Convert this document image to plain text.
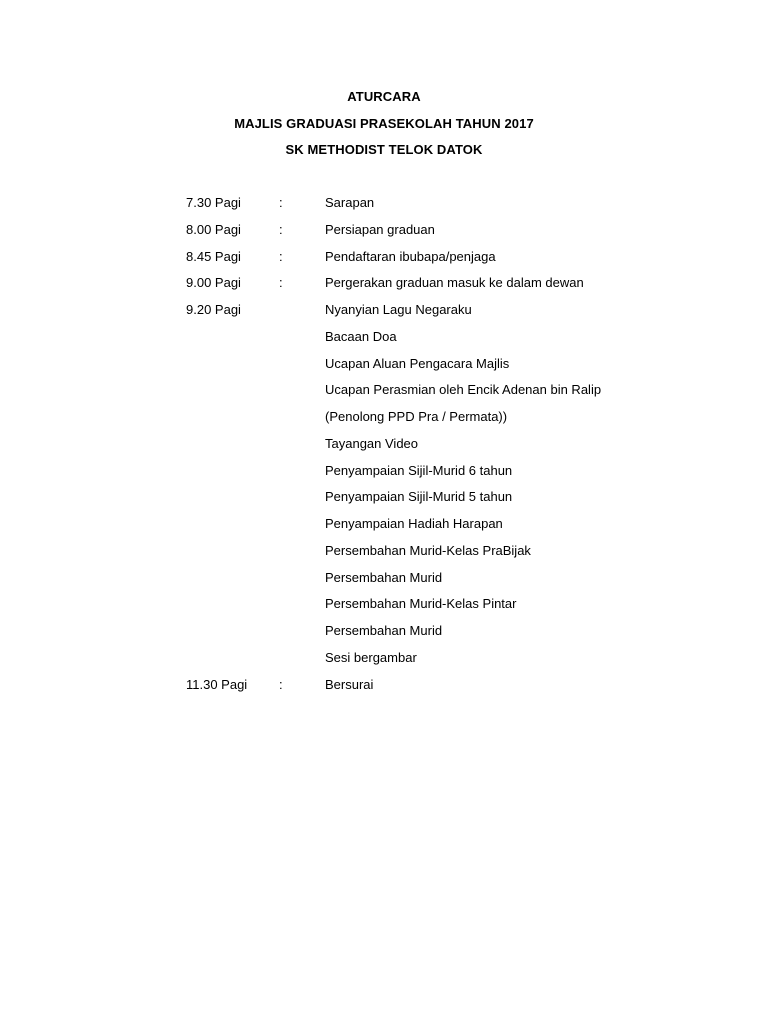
ATURCARA
MAJLIS GRADUASI PRASEKOLAH TAHUN 2017
SK METHODIST TELOK DATOK
7.30 Pagi	:	Sarapan
8.00 Pagi	:	Persiapan graduan
8.45 Pagi	:	Pendaftaran ibubapa/penjaga
9.00 Pagi	:	Pergerakan graduan masuk ke dalam dewan
9.20 Pagi	Nyanyian Lagu Negaraku
Bacaan Doa
Ucapan Aluan Pengacara Majlis
Ucapan Perasmian oleh Encik Adenan bin Ralip
(Penolong PPD Pra / Permata))
Tayangan Video
Penyampaian Sijil-Murid 6 tahun
Penyampaian Sijil-Murid 5 tahun
Penyampaian Hadiah Harapan
Persembahan Murid-Kelas PraBijak
Persembahan Murid
Persembahan Murid-Kelas Pintar
Persembahan Murid
Sesi bergambar
11.30 Pagi :	Bersurai
